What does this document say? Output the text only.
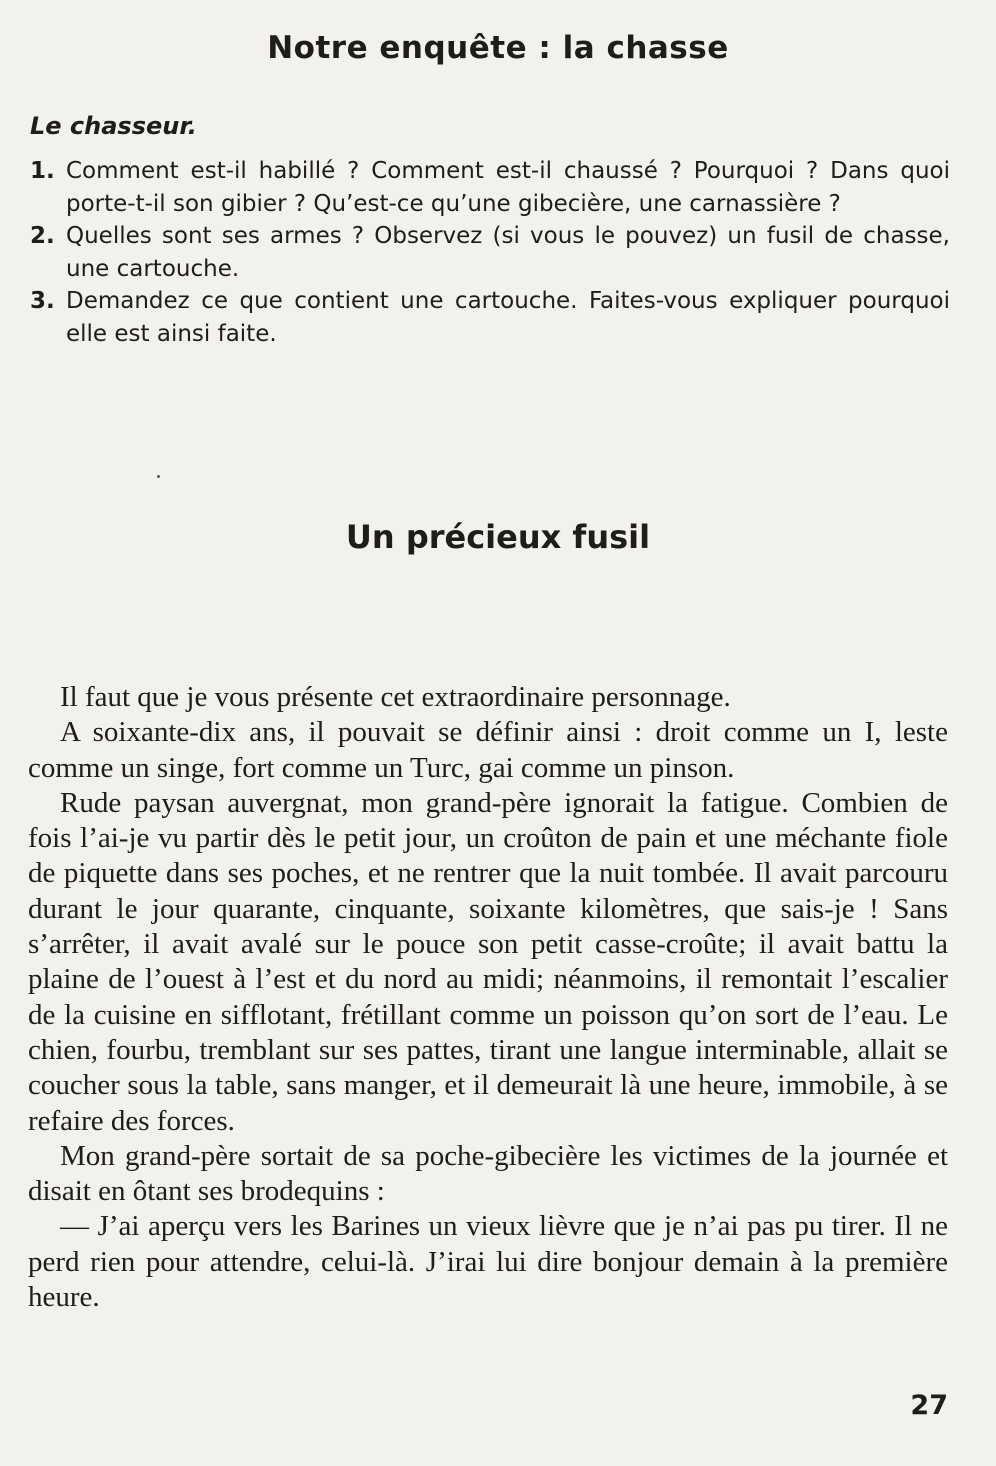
Notre enquête : la chasse
Le chasseur.
1. Comment est-il habillé ? Comment est-il chaussé ? Pourquoi ? Dans quoi porte-t-il son gibier ? Qu’est-ce qu’une gibecière, une carnassière ?
2. Quelles sont ses armes ? Observez (si vous le pouvez) un fusil de chasse, une cartouche.
3. Demandez ce que contient une cartouche. Faites-vous expliquer pourquoi elle est ainsi faite.
Un précieux fusil

Il faut que je vous présente cet extraordinaire personnage.

A soixante-dix ans, il pouvait se définir ainsi : droit comme un I, leste comme un singe, fort comme un Turc, gai comme un pinson.

Rude paysan auvergnat, mon grand-père ignorait la fatigue. Combien de fois l’ai-je vu partir dès le petit jour, un croûton de pain et une méchante fiole de piquette dans ses poches, et ne rentrer que la nuit tombée. Il avait parcouru durant le jour quarante, cinquante, soixante kilomètres, que sais-je ! Sans s’arrêter, il avait avalé sur le pouce son petit casse-croûte; il avait battu la plaine de l’ouest à l’est et du nord au midi; néanmoins, il remontait l’escalier de la cuisine en sifflotant, frétillant comme un poisson qu’on sort de l’eau. Le chien, fourbu, tremblant sur ses pattes, tirant une langue interminable, allait se coucher sous la table, sans manger, et il demeurait là une heure, immobile, à se refaire des forces.

Mon grand-père sortait de sa poche-gibecière les victimes de la journée et disait en ôtant ses brodequins :

— J’ai aperçu vers les Barines un vieux lièvre que je n’ai pas pu tirer. Il ne perd rien pour attendre, celui-là. J’irai lui dire bonjour demain à la première heure.

27
